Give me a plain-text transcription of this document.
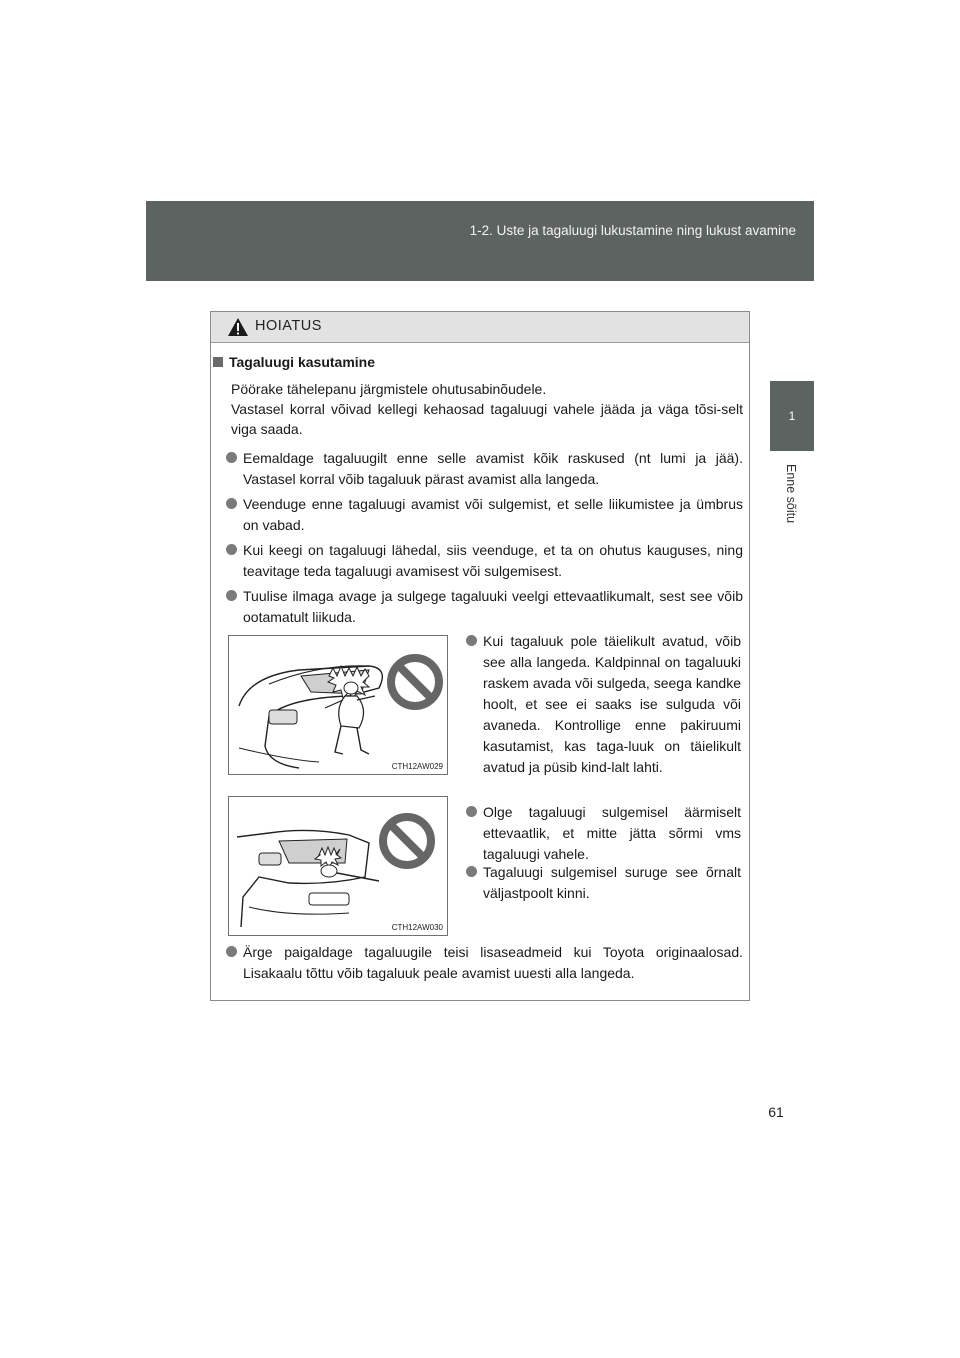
1-2. Uste ja tagaluugi lukustamine ning lukust avamine
1
Enne sõitu
HOIATUS
Tagaluugi kasutamine
Pöörake tähelepanu järgmistele ohutusabinõudele.
Vastasel korral võivad kellegi kehaosad tagaluugi vahele jääda ja väga tõsi-selt viga saada.
Eemaldage tagaluugilt enne selle avamist kõik raskused (nt lumi ja jää). Vastasel korral võib tagaluuk pärast avamist alla langeda.
Veenduge enne tagaluugi avamist või sulgemist, et selle liikumistee ja ümbrus on vabad.
Kui keegi on tagaluugi lähedal, siis veenduge, et ta on ohutus kauguses, ning teavitage teda tagaluugi avamisest või sulgemisest.
Tuulise ilmaga avage ja sulgege tagaluuki veelgi ettevaatlikumalt, sest see võib ootamatult liikuda.
CTH12AW029
CTH12AW030
Kui tagaluuk pole täielikult avatud, võib see alla langeda. Kaldpinnal on tagaluuki raskem avada või sulgeda, seega kandke hoolt, et see ei saaks ise sulguda või avaneda. Kontrollige enne pakiruumi kasutamist, kas taga-luuk on täielikult avatud ja püsib kind-lalt lahti.
Olge tagaluugi sulgemisel äärmiselt ettevaatlik, et mitte jätta sõrmi vms tagaluugi vahele.
Tagaluugi sulgemisel suruge see õrnalt väljastpoolt kinni.
Ärge paigaldage tagaluugile teisi lisaseadmeid kui Toyota originaalosad. Lisakaalu tõttu võib tagaluuk peale avamist uuesti alla langeda.
61
